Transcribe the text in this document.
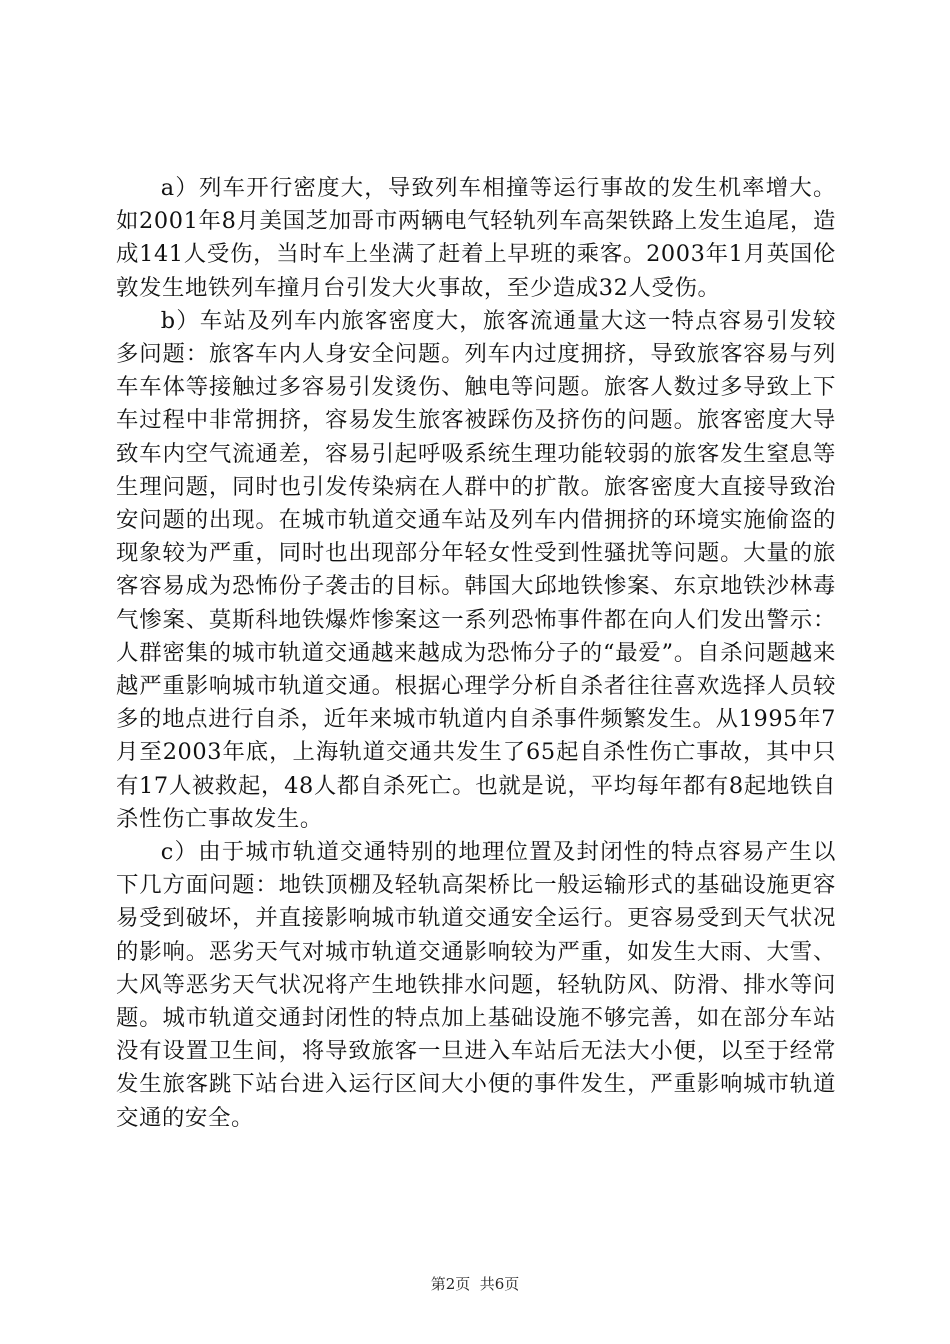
a）列车开行密度大，导致列车相撞等运行事故的发生机率增大。如2001年8月美国芝加哥市两辆电气轻轨列车高架铁路上发生追尾，造成141人受伤，当时车上坐满了赶着上早班的乘客。2003年1月英国伦敦发生地铁列车撞月台引发大火事故，至少造成32人受伤。

b）车站及列车内旅客密度大，旅客流通量大这一特点容易引发较多问题：旅客车内人身安全问题。列车内过度拥挤，导致旅客容易与列车车体等接触过多容易引发烫伤、触电等问题。旅客人数过多导致上下车过程中非常拥挤，容易发生旅客被踩伤及挤伤的问题。旅客密度大导致车内空气流通差，容易引起呼吸系统生理功能较弱的旅客发生窒息等生理问题，同时也引发传染病在人群中的扩散。旅客密度大直接导致治安问题的出现。在城市轨道交通车站及列车内借拥挤的环境实施偷盗的现象较为严重，同时也出现部分年轻女性受到性骚扰等问题。大量的旅客容易成为恐怖份子袭击的目标。韩国大邱地铁惨案、东京地铁沙林毒气惨案、莫斯科地铁爆炸惨案这一系列恐怖事件都在向人们发出警示：人群密集的城市轨道交通越来越成为恐怖分子的“最爱”。自杀问题越来越严重影响城市轨道交通。根据心理学分析自杀者往往喜欢选择人员较多的地点进行自杀，近年来城市轨道内自杀事件频繁发生。从1995年7月至2003年底，上海轨道交通共发生了65起自杀性伤亡事故，其中只有17人被救起，48人都自杀死亡。也就是说，平均每年都有8起地铁自杀性伤亡事故发生。

c）由于城市轨道交通特别的地理位置及封闭性的特点容易产生以下几方面问题：地铁顶棚及轻轨高架桥比一般运输形式的基础设施更容易受到破坏，并直接影响城市轨道交通安全运行。更容易受到天气状况的影响。恶劣天气对城市轨道交通影响较为严重，如发生大雨、大雪、大风等恶劣天气状况将产生地铁排水问题，轻轨防风、防滑、排水等问题。城市轨道交通封闭性的特点加上基础设施不够完善，如在部分车站没有设置卫生间，将导致旅客一旦进入车站后无法大小便，以至于经常发生旅客跳下站台进入运行区间大小便的事件发生，严重影响城市轨道交通的安全。

第2页  共6页
